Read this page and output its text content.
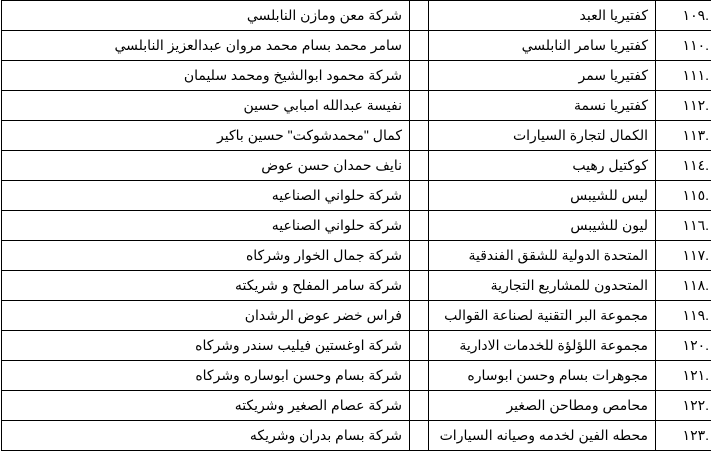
.١٠٩	كفتيريا العبد		شركة معن ومازن النابلسي
.١١٠	كفتيريا سامر النابلسي		سامر محمد بسام محمد مروان عبدالعزيز النابلسي
.١١١	كفتيريا سمر		شركة محمود ابوالشيخ ومحمد سليمان
.١١٢	كفتيريا نسمة		نفيسة عبدالله امبابي حسين
.١١٣	الكمال لتجارة السيارات		كمال "محمدشوكت" حسين باكير
.١١٤	كوكتيل رهيب		نايف حمدان حسن عوض
.١١٥	ليس للشيبس		شركة حلواني الصناعيه
.١١٦	ليون للشيبس		شركة حلواني الصناعيه
.١١٧	المتحدة الدولية للشقق الفندقية		شركة جمال الخوار وشركاه
.١١٨	المتحدون للمشاريع التجارية		شركة سامر المفلح و شريكته
.١١٩	مجموعة البر التقنية لصناعة القوالب		فراس خضر عوض الرشدان
.١٢٠	مجموعة اللؤلؤة للخدمات الادارية		شركة اوغستين فيليب سندر وشركاه
.١٢١	مجوهرات بسام وحسن ابوساره		شركة بسام وحسن ابوساره وشركاه
.١٢٢	محامص ومطاحن الصغير		شركة عصام الصغير وشريكته
.١٢٣	محطه الفين لخدمه وصيانه السيارات		شركة بسام بدران وشريكه
